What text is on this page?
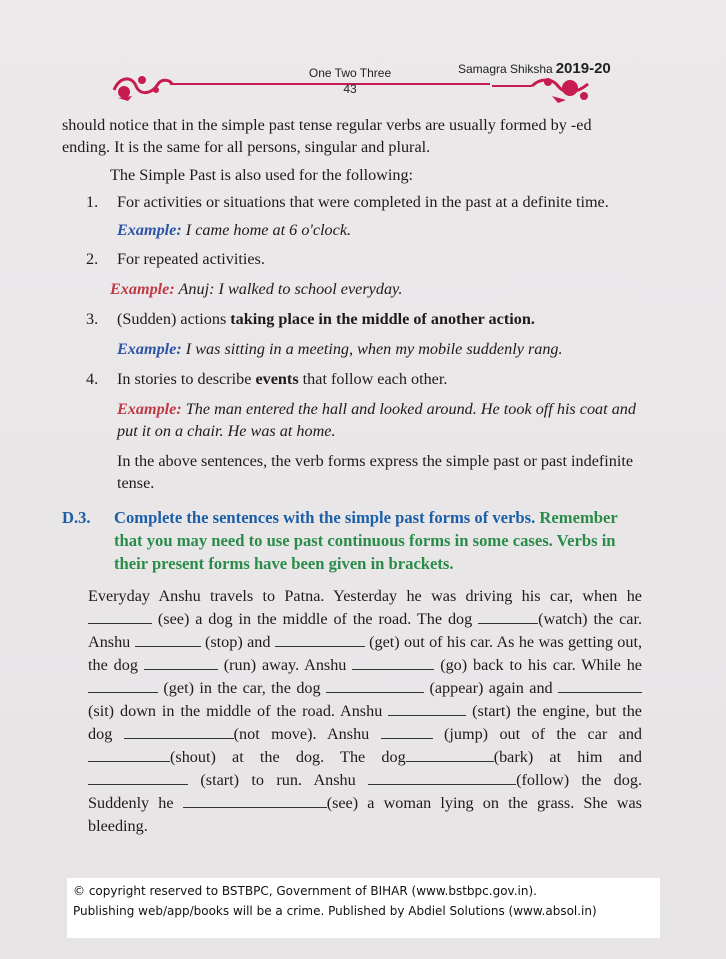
One Two Three
43
Samagra Shiksha 2019-20

should notice that in the simple past tense regular verbs are usually formed by -ed ending. It is the same for all persons, singular and plural.

The Simple Past is also used for the following:

1. For activities or situations that were completed in the past at a definite time.

Example: I came home at 6 o'clock.

2. For repeated activities.

Example: Anuj: I walked to school everyday.

3. (Sudden) actions taking place in the middle of another action.

Example: I was sitting in a meeting, when my mobile suddenly rang.

4. In stories to describe events that follow each other.

Example: The man entered the hall and looked around. He took off his coat and put it on a chair. He was at home.

In the above sentences, the verb forms express the simple past or past indefinite tense.

D.3. Complete the sentences with the simple past forms of verbs. Remember that you may need to use past continuous forms in some cases. Verbs in their present forms have been given in brackets.

Everyday Anshu travels to Patna. Yesterday he was driving his car, when he  (see) a dog in the middle of the road. The dog	(watch) the car. Anshu	(stop) and	(get) out of his car. As he was getting out, the dog	(run) away. Anshu	(go) back to his car. While he  (get) in the car, the dog	(appear) again and  (sit) down in the middle of the road. Anshu	(start) the engine, but the dog	(not move). Anshu	(jump) out of the car and (shout) at the dog. The dog	(bark) at him and  (start) to run. Anshu	(follow) the dog. Suddenly he	(see) a woman lying on the grass. She was bleeding.

© copyright reserved to BSTBPC, Government of BIHAR (www.bstbpc.gov.in).
Publishing web/app/books will be a crime. Published by Abdiel Solutions (www.absol.in)
